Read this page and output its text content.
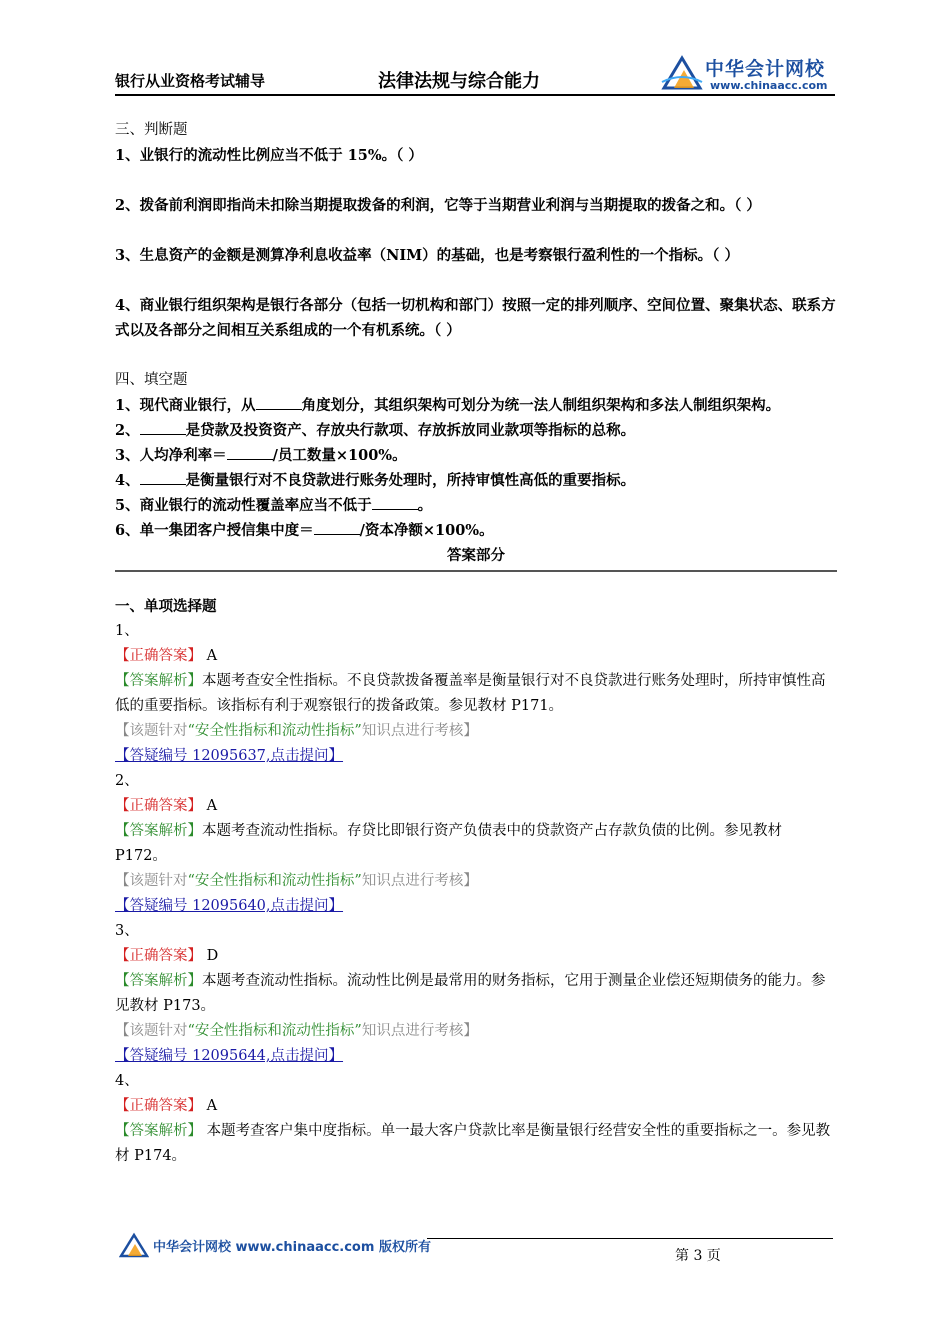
银行从业资格考试辅导	法律法规与综合能力
中华会计网校
www.chinaacc.com

三、判断题

1、业银行的流动性比例应当不低于 15%。（ ）

2、拨备前利润即指尚未扣除当期提取拨备的利润，它等于当期营业利润与当期提取的拨备之和。（ ）

3、生息资产的金额是测算净利息收益率（NIM）的基础，也是考察银行盈利性的一个指标。（ ）

4、商业银行组织架构是银行各部分（包括一切机构和部门）按照一定的排列顺序、空间位置、聚集状态、联系方式以及各部分之间相互关系组成的一个有机系统。（ ）

四、填空题

1、现代商业银行，从	角度划分，其组织架构可划分为统一法人制组织架构和多法人制组织架构。

2、	是贷款及投资资产、存放央行款项、存放拆放同业款项等指标的总称。

3、人均净利率＝	/员工数量×100%。

4、	是衡量银行对不良贷款进行账务处理时，所持审慎性高低的重要指标。

5、商业银行的流动性覆盖率应当不低于	。

6、单一集团客户授信集中度＝	/资本净额×100%。

答案部分

一、单项选择题

1、

【正确答案】 A

【答案解析】本题考查安全性指标。不良贷款拨备覆盖率是衡量银行对不良贷款进行账务处理时，所持审慎性高低的重要指标。该指标有利于观察银行的拨备政策。参见教材 P171。

【该题针对“安全性指标和流动性指标”知识点进行考核】

【答疑编号 12095637,点击提问】

2、

【正确答案】 A

【答案解析】本题考查流动性指标。存贷比即银行资产负债表中的贷款资产占存款负债的比例。参见教材 P172。

【该题针对“安全性指标和流动性指标”知识点进行考核】

【答疑编号 12095640,点击提问】

3、

【正确答案】 D

【答案解析】本题考查流动性指标。流动性比例是最常用的财务指标，它用于测量企业偿还短期债务的能力。参见教材 P173。

【该题针对“安全性指标和流动性指标”知识点进行考核】

【答疑编号 12095644,点击提问】

4、

【正确答案】 A

【答案解析】 本题考查客户集中度指标。单一最大客户贷款比率是衡量银行经营安全性的重要指标之一。参见教材 P174。

中华会计网校 www.chinaacc.com 版权所有
第 3 页
